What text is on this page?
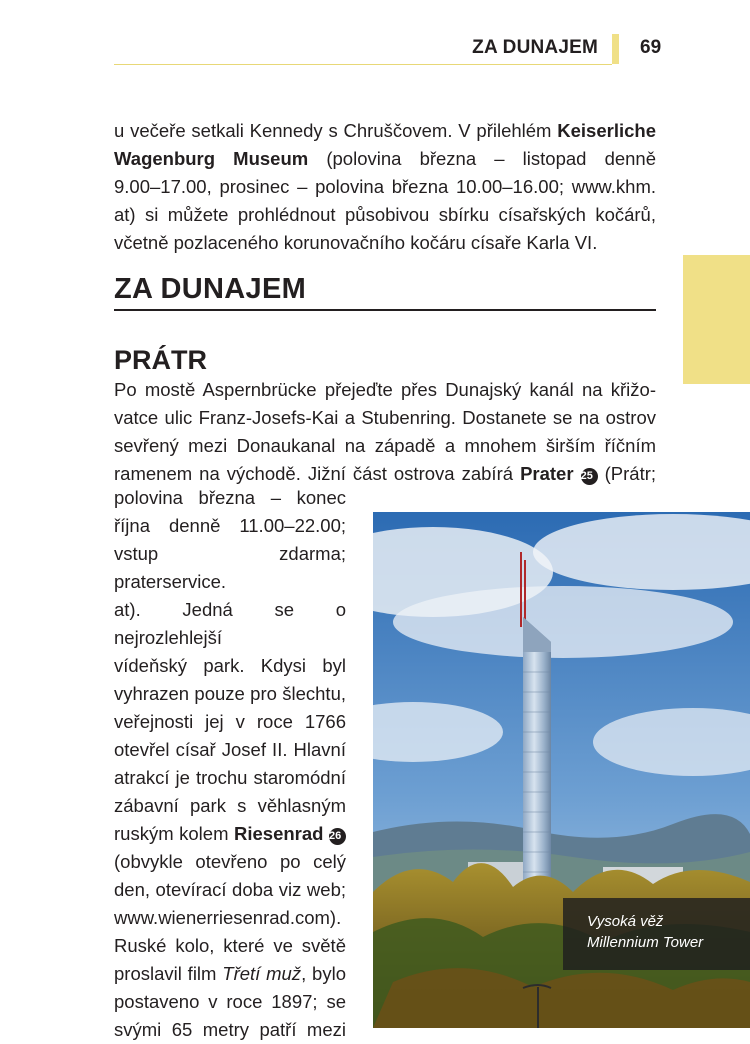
ZA DUNAJEM 69
u večeře setkali Kennedy s Chruščovem. V přilehlém Keiserliche
Wagenburg Museum (polovina března – listopad denně
9.00–17.00, prosinec – polovina března 10.00–16.00; www.khm.
at) si můžete prohlédnout působivou sbírku císařských kočárů,
včetně pozlaceného korunovačního kočáru císaře Karla VI.
ZA DUNAJEM
PRÁTR
Po mostě Aspernbrücke přejeďte přes Dunajský kanál na křižo-
vatce ulic Franz-Josefs-Kai a Stubenring. Dostanete se na ostrov
sevřený mezi Donaukanal na západě a mnohem širším říčním
ramenem na východě. Jižní část ostrova zabírá Prater 25 (Prátr;
polovina března – konec
října denně 11.00–22.00;
vstup zdarma; praterservice.
at). Jedná se o nejrozlehlejší
vídeňský park. Kdysi byl
vyhrazen pouze pro šlechtu,
veřejnosti jej v roce 1766
otevřel císař Josef II. Hlavní
atrakcí je trochu staromódní
zábavní park s věhlasným
ruským kolem Riesenrad 26
(obvykle otevřeno po celý
den, otevírací doba viz web;
www.wienerriesenrad.com).
Ruské kolo, které ve světě
proslavil film Třetí muž, bylo
postaveno v roce 1897; se
svými 65 metry patří mezi
Vysoká věž
Millennium Tower
